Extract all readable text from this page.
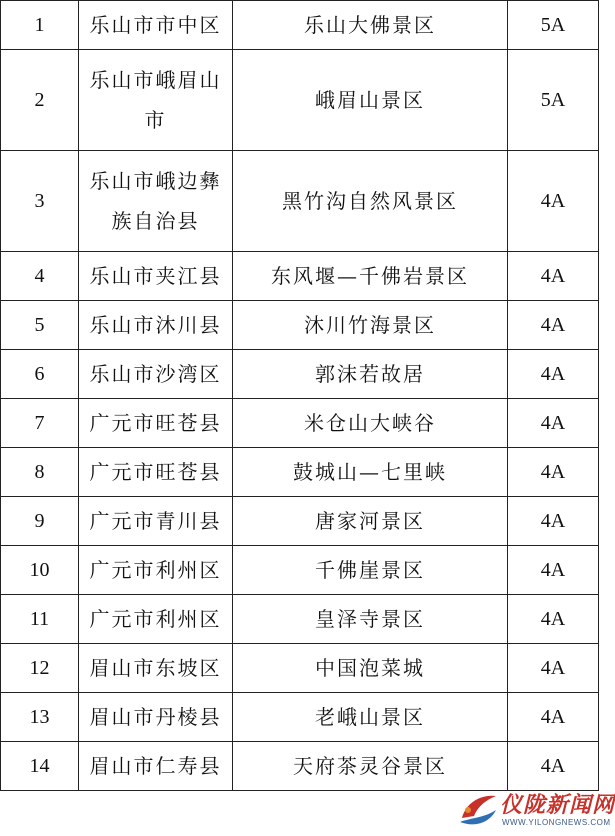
1	乐山市市中区	乐山大佛景区	5A
2	乐山市峨眉山市	峨眉山景区	5A
3	乐山市峨边彝族自治县	黑竹沟自然风景区	4A
4	乐山市夹江县	东风堰—千佛岩景区	4A
5	乐山市沐川县	沐川竹海景区	4A
6	乐山市沙湾区	郭沫若故居	4A
7	广元市旺苍县	米仓山大峡谷	4A
8	广元市旺苍县	鼓城山—七里峡	4A
9	广元市青川县	唐家河景区	4A
10	广元市利州区	千佛崖景区	4A
11	广元市利州区	皇泽寺景区	4A
12	眉山市东坡区	中国泡菜城	4A
13	眉山市丹棱县	老峨山景区	4A
14	眉山市仁寿县	天府茶灵谷景区	4A
仪陇新闻网
WWW.YILONGNEWS.COM
